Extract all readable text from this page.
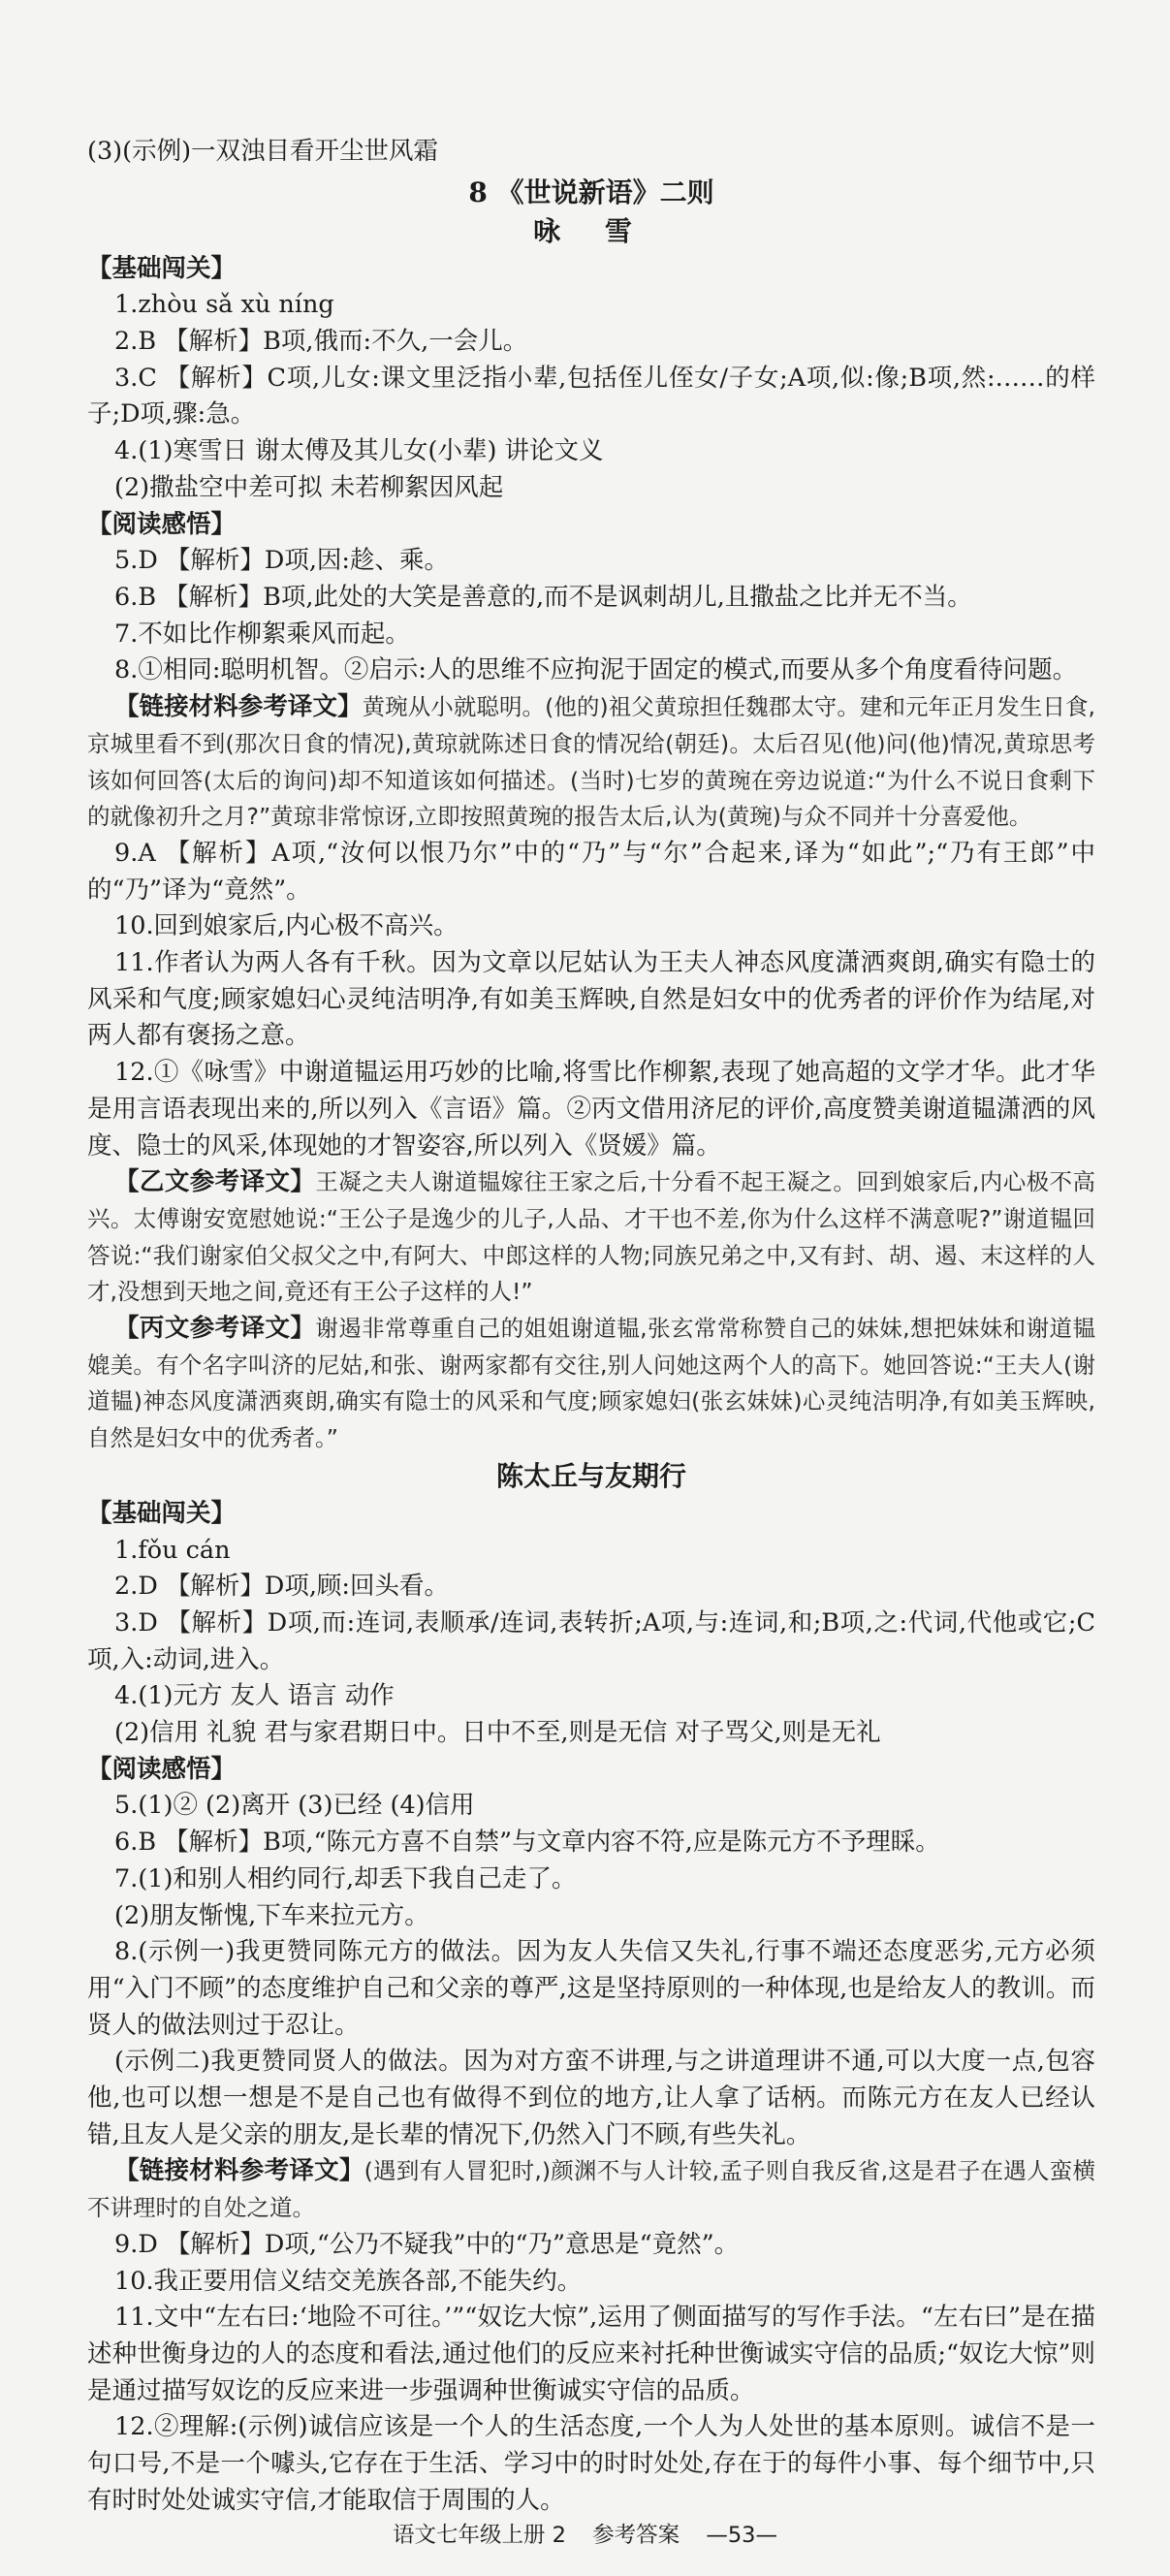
(3)(示例)一双浊目看开尘世风霜
8 《世说新语》二则
咏 雪
【基础闯关】
1.zhòu sǎ xù níng
2.B 【解析】B项,俄而:不久,一会儿。
3.C 【解析】C项,儿女:课文里泛指小辈,包括侄儿侄女/子女;A项,似:像;B项,然:……的样子;D项,骤:急。
4.(1)寒雪日 谢太傅及其儿女(小辈) 讲论文义
(2)撒盐空中差可拟 未若柳絮因风起
【阅读感悟】
5.D 【解析】D项,因:趁、乘。
6.B 【解析】B项,此处的大笑是善意的,而不是讽刺胡儿,且撒盐之比并无不当。
7.不如比作柳絮乘风而起。
8.①相同:聪明机智。②启示:人的思维不应拘泥于固定的模式,而要从多个角度看待问题。
【链接材料参考译文】黄琬从小就聪明。(他的)祖父黄琼担任魏郡太守。建和元年正月发生日食,京城里看不到(那次日食的情况),黄琼就陈述日食的情况给(朝廷)。太后召见(他)问(他)情况,黄琼思考该如何回答(太后的询问)却不知道该如何描述。(当时)七岁的黄琬在旁边说道:“为什么不说日食剩下的就像初升之月?”黄琼非常惊讶,立即按照黄琬的报告太后,认为(黄琬)与众不同并十分喜爱他。
9.A 【解析】A项,“汝何以恨乃尔”中的“乃”与“尔”合起来,译为“如此”;“乃有王郎”中的“乃”译为“竟然”。
10.回到娘家后,内心极不高兴。
11.作者认为两人各有千秋。因为文章以尼姑认为王夫人神态风度潇洒爽朗,确实有隐士的风采和气度;顾家媳妇心灵纯洁明净,有如美玉辉映,自然是妇女中的优秀者的评价作为结尾,对两人都有褒扬之意。
12.①《咏雪》中谢道韫运用巧妙的比喻,将雪比作柳絮,表现了她高超的文学才华。此才华是用言语表现出来的,所以列入《言语》篇。②丙文借用济尼的评价,高度赞美谢道韫潇洒的风度、隐士的风采,体现她的才智姿容,所以列入《贤媛》篇。
【乙文参考译文】王凝之夫人谢道韫嫁往王家之后,十分看不起王凝之。回到娘家后,内心极不高兴。太傅谢安宽慰她说:“王公子是逸少的儿子,人品、才干也不差,你为什么这样不满意呢?”谢道韫回答说:“我们谢家伯父叔父之中,有阿大、中郎这样的人物;同族兄弟之中,又有封、胡、遏、末这样的人才,没想到天地之间,竟还有王公子这样的人!”
【丙文参考译文】谢遏非常尊重自己的姐姐谢道韫,张玄常常称赞自己的妹妹,想把妹妹和谢道韫媲美。有个名字叫济的尼姑,和张、谢两家都有交往,别人问她这两个人的高下。她回答说:“王夫人(谢道韫)神态风度潇洒爽朗,确实有隐士的风采和气度;顾家媳妇(张玄妹妹)心灵纯洁明净,有如美玉辉映,自然是妇女中的优秀者。”
陈太丘与友期行
【基础闯关】
1.fǒu cán
2.D 【解析】D项,顾:回头看。
3.D 【解析】D项,而:连词,表顺承/连词,表转折;A项,与:连词,和;B项,之:代词,代他或它;C项,入:动词,进入。
4.(1)元方 友人 语言 动作
(2)信用 礼貌 君与家君期日中。日中不至,则是无信 对子骂父,则是无礼
【阅读感悟】
5.(1)② (2)离开 (3)已经 (4)信用
6.B 【解析】B项,“陈元方喜不自禁”与文章内容不符,应是陈元方不予理睬。
7.(1)和别人相约同行,却丢下我自己走了。
(2)朋友惭愧,下车来拉元方。
8.(示例一)我更赞同陈元方的做法。因为友人失信又失礼,行事不端还态度恶劣,元方必须用“入门不顾”的态度维护自己和父亲的尊严,这是坚持原则的一种体现,也是给友人的教训。而贤人的做法则过于忍让。
(示例二)我更赞同贤人的做法。因为对方蛮不讲理,与之讲道理讲不通,可以大度一点,包容他,也可以想一想是不是自己也有做得不到位的地方,让人拿了话柄。而陈元方在友人已经认错,且友人是父亲的朋友,是长辈的情况下,仍然入门不顾,有些失礼。
【链接材料参考译文】(遇到有人冒犯时,)颜渊不与人计较,孟子则自我反省,这是君子在遇人蛮横不讲理时的自处之道。
9.D 【解析】D项,“公乃不疑我”中的“乃”意思是“竟然”。
10.我正要用信义结交羌族各部,不能失约。
11.文中“左右曰:‘地险不可往。’”“奴讫大惊”,运用了侧面描写的写作手法。“左右曰”是在描述种世衡身边的人的态度和看法,通过他们的反应来衬托种世衡诚实守信的品质;“奴讫大惊”则是通过描写奴讫的反应来进一步强调种世衡诚实守信的品质。
12.②理解:(示例)诚信应该是一个人的生活态度,一个人为人处世的基本原则。诚信不是一句口号,不是一个噱头,它存在于生活、学习中的时时处处,存在于的每件小事、每个细节中,只有时时处处诚实守信,才能取信于周围的人。
语文七年级上册 2 参考答案 —53—
